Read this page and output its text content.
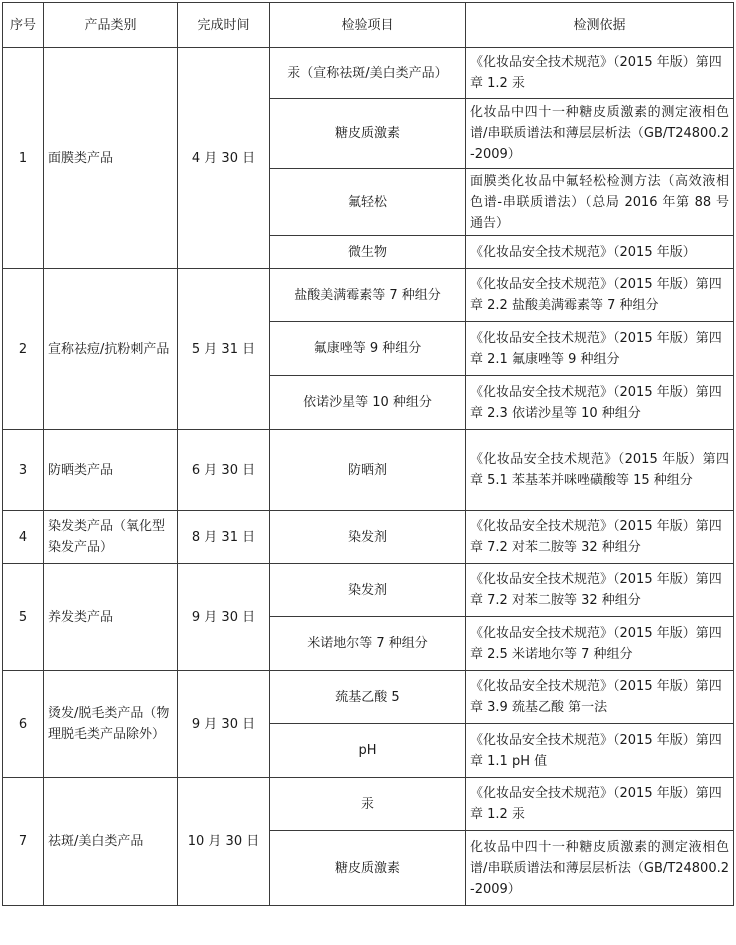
序号	产品类别	完成时间	检验项目	检测依据
1	面膜类产品	4 月 30 日	汞（宣称祛斑/美白类产品）	《化妆品安全技术规范》（2015 年版）第四章 1.2 汞
			糖皮质激素	化妆品中四十一种糖皮质激素的测定液相色谱/串联质谱法和薄层层析法（GB/T24800.2-2009）
			氟轻松	面膜类化妆品中氟轻松检测方法（高效液相色谱-串联质谱法）（总局 2016 年第 88 号通告）
			微生物	《化妆品安全技术规范》（2015 年版）
2	宣称祛痘/抗粉刺产品	5 月 31 日	盐酸美满霉素等 7 种组分	《化妆品安全技术规范》（2015 年版）第四章 2.2 盐酸美满霉素等 7 种组分
			氟康唑等 9 种组分	《化妆品安全技术规范》（2015 年版）第四章 2.1 氟康唑等 9 种组分
			依诺沙星等 10 种组分	《化妆品安全技术规范》（2015 年版）第四章 2.3 依诺沙星等 10 种组分
3	防晒类产品	6 月 30 日	防晒剂	《化妆品安全技术规范》（2015 年版）第四章 5.1 苯基苯并咪唑磺酸等 15 种组分
4	染发类产品（氧化型染发产品）	8 月 31 日	染发剂	《化妆品安全技术规范》（2015 年版）第四章 7.2 对苯二胺等 32 种组分
5	养发类产品	9 月 30 日	染发剂	《化妆品安全技术规范》（2015 年版）第四章 7.2 对苯二胺等 32 种组分
			米诺地尔等 7 种组分	《化妆品安全技术规范》（2015 年版）第四章 2.5 米诺地尔等 7 种组分
6	烫发/脱毛类产品（物理脱毛类产品除外）	9 月 30 日	巯基乙酸 5	《化妆品安全技术规范》（2015 年版）第四章 3.9 巯基乙酸 第一法
			pH	《化妆品安全技术规范》（2015 年版）第四章 1.1 pH 值
7	祛斑/美白类产品	10 月 30 日	汞	《化妆品安全技术规范》（2015 年版）第四章 1.2 汞
			糖皮质激素	化妆品中四十一种糖皮质激素的测定液相色谱/串联质谱法和薄层层析法（GB/T24800.2-2009）
